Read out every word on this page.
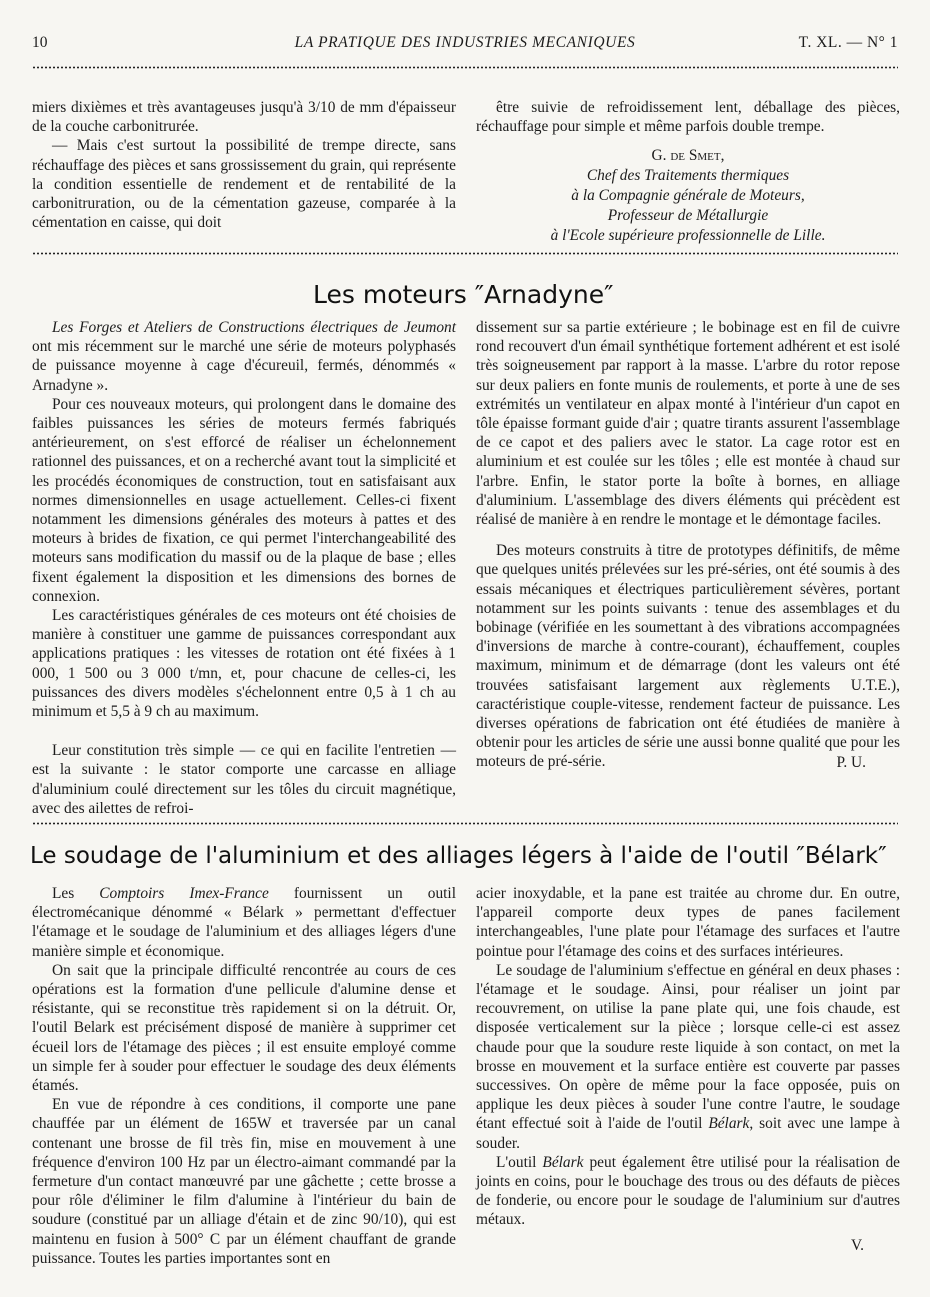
10	LA PRATIQUE DES INDUSTRIES MECANIQUES	T. XL. — N° 1

miers dixièmes et très avantageuses jusqu'à 3/10 de mm d'épaisseur de la couche carbonitrurée.

— Mais c'est surtout la possibilité de trempe directe, sans réchauffage des pièces et sans grossissement du grain, qui représente la condition essentielle de rendement et de rentabilité de la carbonitruration, ou de la cémentation gazeuse, comparée à la cémentation en caisse, qui doit

être suivie de refroidissement lent, déballage des pièces, réchauffage pour simple et même parfois double trempe.

G. de Smet,
Chef des Traitements thermiques
à la Compagnie générale de Moteurs,
Professeur de Métallurgie
à l'Ecole supérieure professionnelle de Lille.
Les moteurs ″Arnadyne″

Les Forges et Ateliers de Constructions électriques de Jeumont ont mis récemment sur le marché une série de moteurs polyphasés de puissance moyenne à cage d'écureuil, fermés, dénommés « Arnadyne ».

Pour ces nouveaux moteurs, qui prolongent dans le domaine des faibles puissances les séries de moteurs fermés fabriqués antérieurement, on s'est efforcé de réaliser un échelonnement rationnel des puissances, et on a recherché avant tout la simplicité et les procédés économiques de construction, tout en satisfaisant aux normes dimensionnelles en usage actuellement. Celles-ci fixent notamment les dimensions générales des moteurs à pattes et des moteurs à brides de fixation, ce qui permet l'interchangeabilité des moteurs sans modification du massif ou de la plaque de base ; elles fixent également la disposition et les dimensions des bornes de connexion.

Les caractéristiques générales de ces moteurs ont été choisies de manière à constituer une gamme de puissances correspondant aux applications pratiques : les vitesses de rotation ont été fixées à 1 000, 1 500 ou 3 000 t/mn, et, pour chacune de celles-ci, les puissances des divers modèles s'échelonnent entre 0,5 à 1 ch au minimum et 5,5 à 9 ch au maximum.

Leur constitution très simple — ce qui en facilite l'entretien — est la suivante : le stator comporte une carcasse en alliage d'aluminium coulé directement sur les tôles du circuit magnétique, avec des ailettes de refroi-

dissement sur sa partie extérieure ; le bobinage est en fil de cuivre rond recouvert d'un émail synthétique fortement adhérent et est isolé très soigneusement par rapport à la masse. L'arbre du rotor repose sur deux paliers en fonte munis de roulements, et porte à une de ses extrémités un ventilateur en alpax monté à l'intérieur d'un capot en tôle épaisse formant guide d'air ; quatre tirants assurent l'assemblage de ce capot et des paliers avec le stator. La cage rotor est en aluminium et est coulée sur les tôles ; elle est montée à chaud sur l'arbre. Enfin, le stator porte la boîte à bornes, en alliage d'aluminium. L'assemblage des divers éléments qui précèdent est réalisé de manière à en rendre le montage et le démontage faciles.

Des moteurs construits à titre de prototypes définitifs, de même que quelques unités prélevées sur les pré-séries, ont été soumis à des essais mécaniques et électriques particulièrement sévères, portant notamment sur les points suivants : tenue des assemblages et du bobinage (vérifiée en les soumettant à des vibrations accompagnées d'inversions de marche à contre-courant), échauffement, couples maximum, minimum et de démarrage (dont les valeurs ont été trouvées satisfaisant largement aux règlements U.T.E.), caractéristique couple-vitesse, rendement facteur de puissance. Les diverses opérations de fabrication ont été étudiées de manière à obtenir pour les articles de série une aussi bonne qualité que pour les moteurs de pré-série.	P. U.

Le soudage de l'aluminium et des alliages légers à l'aide de l'outil ″Bélark″

Les Comptoirs Imex-France fournissent un outil électromécanique dénommé « Bélark » permettant d'effectuer l'étamage et le soudage de l'aluminium et des alliages légers d'une manière simple et économique.

On sait que la principale difficulté rencontrée au cours de ces opérations est la formation d'une pellicule d'alumine dense et résistante, qui se reconstitue très rapidement si on la détruit. Or, l'outil Belark est précisément disposé de manière à supprimer cet écueil lors de l'étamage des pièces ; il est ensuite employé comme un simple fer à souder pour effectuer le soudage des deux éléments étamés.

En vue de répondre à ces conditions, il comporte une pane chauffée par un élément de 165W et traversée par un canal contenant une brosse de fil très fin, mise en mouvement à une fréquence d'environ 100 Hz par un électro-aimant commandé par la fermeture d'un contact manœuvré par une gâchette ; cette brosse a pour rôle d'éliminer le film d'alumine à l'intérieur du bain de soudure (constitué par un alliage d'étain et de zinc 90/10), qui est maintenu en fusion à 500° C par un élément chauffant de grande puissance. Toutes les parties importantes sont en

acier inoxydable, et la pane est traitée au chrome dur. En outre, l'appareil comporte deux types de panes facilement interchangeables, l'une plate pour l'étamage des surfaces et l'autre pointue pour l'étamage des coins et des surfaces intérieures.

Le soudage de l'aluminium s'effectue en général en deux phases : l'étamage et le soudage. Ainsi, pour réaliser un joint par recouvrement, on utilise la pane plate qui, une fois chaude, est disposée verticalement sur la pièce ; lorsque celle-ci est assez chaude pour que la soudure reste liquide à son contact, on met la brosse en mouvement et la surface entière est couverte par passes successives. On opère de même pour la face opposée, puis on applique les deux pièces à souder l'une contre l'autre, le soudage étant effectué soit à l'aide de l'outil Bélark, soit avec une lampe à souder.

L'outil Bélark peut également être utilisé pour la réalisation de joints en coins, pour le bouchage des trous ou des défauts de pièces de fonderie, ou encore pour le soudage de l'aluminium sur d'autres métaux.

V.
